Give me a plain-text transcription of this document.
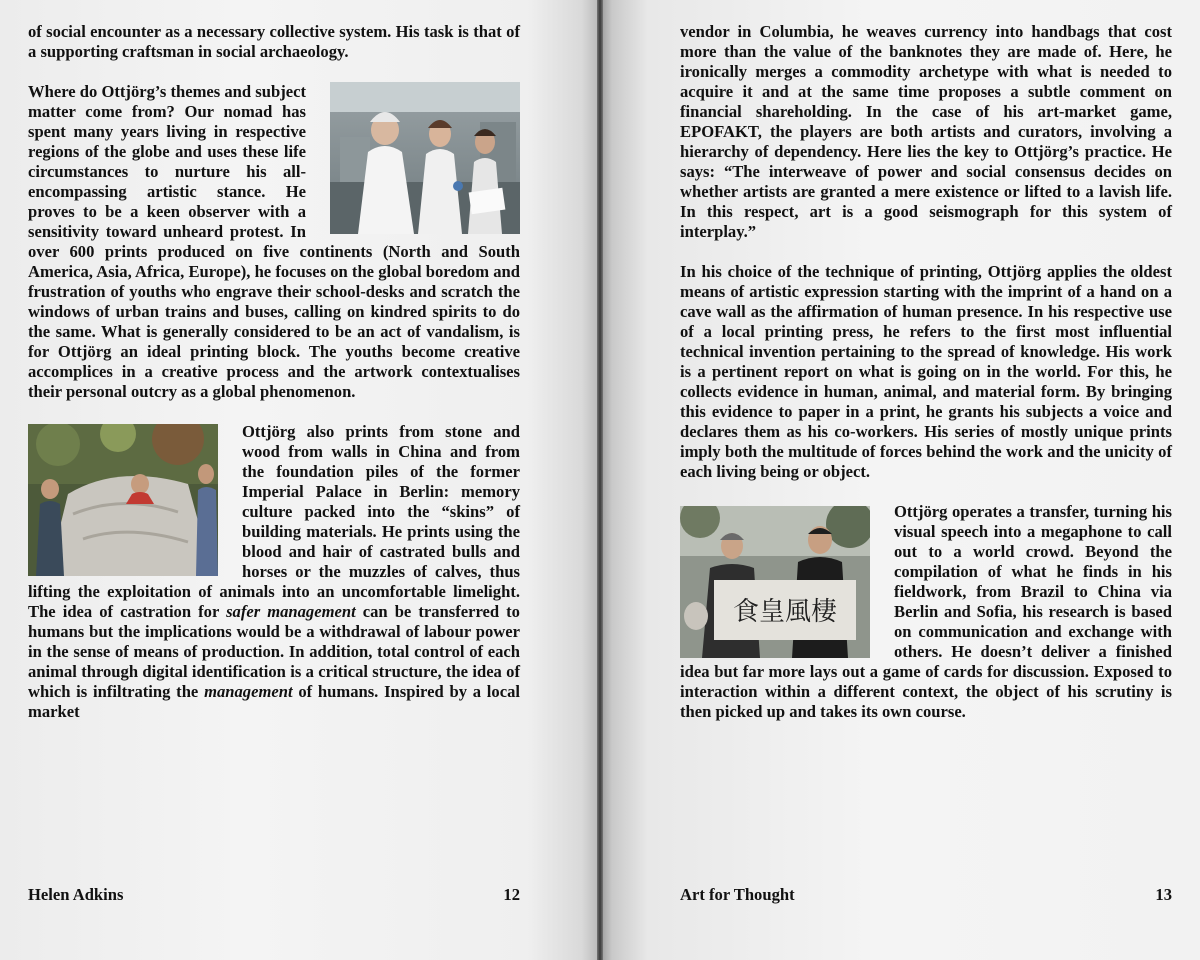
of social encounter as a necessary collective system. His task is that of a supporting craftsman in social archaeology.

Where do Ottjörg’s themes and subject matter come from? Our nomad has spent many years living in respective regions of the globe and uses these life circumstances to nurture his all-encompassing artistic stance. He proves to be a keen observer with a sensitivity toward unheard protest. In over 600 prints produced on five continents (North and South America, Asia, Africa, Europe), he focuses on the global boredom and frustration of youths who engrave their school-desks and scratch the windows of urban trains and buses, calling on kindred spirits to do the same. What is generally considered to be an act of vandalism, is for Ottjörg an ideal printing block. The youths become creative accomplices in a creative process and the artwork contextualises their personal outcry as a global phenomenon.

Ottjörg also prints from stone and wood from walls in China and from the foundation piles of the former Imperial Palace in Berlin: memory culture packed into the “skins” of building materials. He prints using the blood and hair of castrated bulls and horses or the muzzles of calves, thus lifting the exploitation of animals into an uncomfortable limelight. The idea of castration for safer management can be transferred to humans but the implications would be a withdrawal of labour power in the sense of means of production. In addition, total control of each animal through digital identification is a critical structure, the idea of which is infiltrating the management of humans. Inspired by a local market

Helen Adkins	12

vendor in Columbia, he weaves currency into handbags that cost more than the value of the banknotes they are made of. Here, he ironically merges a commodity archetype with what is needed to acquire it and at the same time proposes a subtle comment on financial shareholding. In the case of his art-market game, EPOFAKT, the players are both artists and curators, involving a hierarchy of dependency. Here lies the key to Ottjörg’s practice. He says: “The interweave of power and social consensus decides on whether artists are granted a mere existence or lifted to a lavish life. In this respect, art is a good seismograph for this system of interplay.”

In his choice of the technique of printing, Ottjörg applies the oldest means of artistic expression starting with the imprint of a hand on a cave wall as the affirmation of human presence. In his respective use of a local printing press, he refers to the first most influential technical invention pertaining to the spread of knowledge. His work is a pertinent report on what is going on in the world. For this, he collects evidence in human, animal, and material form. By bringing this evidence to paper in a print, he grants his subjects a voice and declares them as his co-workers. His series of mostly unique prints imply both the multitude of forces behind the work and the unicity of each living being or object.

食皇風棲

Ottjörg operates a transfer, turning his visual speech into a megaphone to call out to a world crowd. Beyond the compilation of what he finds in his fieldwork, from Brazil to China via Berlin and Sofia, his research is based on communication and exchange with others. He doesn’t deliver a finished idea but far more lays out a game of cards for discussion. Exposed to interaction within a different context, the object of his scrutiny is then picked up and takes its own course.

Art for Thought	13
